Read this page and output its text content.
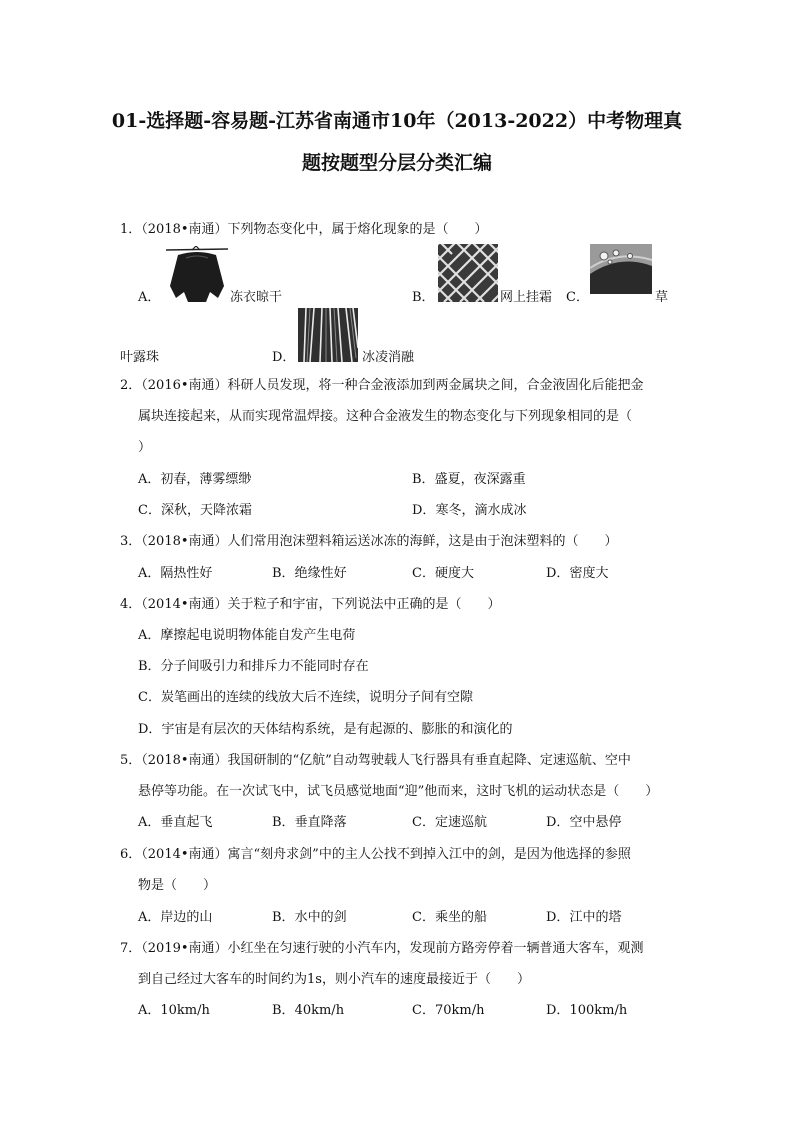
01-选择题-容易题-江苏省南通市10年（2013-2022）中考物理真
题按题型分层分类汇编
1．（2018•南通）下列物态变化中，属于熔化现象的是（　　）
A．	冻衣晾干	B．	网上挂霜 C．	草
叶露珠	D．	冰凌消融
2．（2016•南通）科研人员发现，将一种合金液添加到两金属块之间，合金液固化后能把金
属块连接起来，从而实现常温焊接。这种合金液发生的物态变化与下列现象相同的是（
）
A．初春，薄雾缥缈	B．盛夏，夜深露重
C．深秋，天降浓霜	D．寒冬，滴水成冰
3．（2018•南通）人们常用泡沫塑料箱运送冰冻的海鲜，这是由于泡沫塑料的（　　）
A．隔热性好	B．绝缘性好	C．硬度大	D．密度大
4．（2014•南通）关于粒子和宇宙，下列说法中正确的是（　　）
A．摩擦起电说明物体能自发产生电荷
B．分子间吸引力和排斥力不能同时存在
C．炭笔画出的连续的线放大后不连续，说明分子间有空隙
D．宇宙是有层次的天体结构系统，是有起源的、膨胀的和演化的
5．（2018•南通）我国研制的“亿航”自动驾驶载人飞行器具有垂直起降、定速巡航、空中
悬停等功能。在一次试飞中，试飞员感觉地面“迎”他而来，这时飞机的运动状态是（　　）
A．垂直起飞	B．垂直降落	C．定速巡航	D．空中悬停
6．（2014•南通）寓言“刻舟求剑”中的主人公找不到掉入江中的剑，是因为他选择的参照
物是（　　）
A．岸边的山	B．水中的剑	C．乘坐的船	D．江中的塔
7．（2019•南通）小红坐在匀速行驶的小汽车内，发现前方路旁停着一辆普通大客车，观测
到自己经过大客车的时间约为1s，则小汽车的速度最接近于（　　）
A．10km/h	B．40km/h	C．70km/h	D．100km/h
